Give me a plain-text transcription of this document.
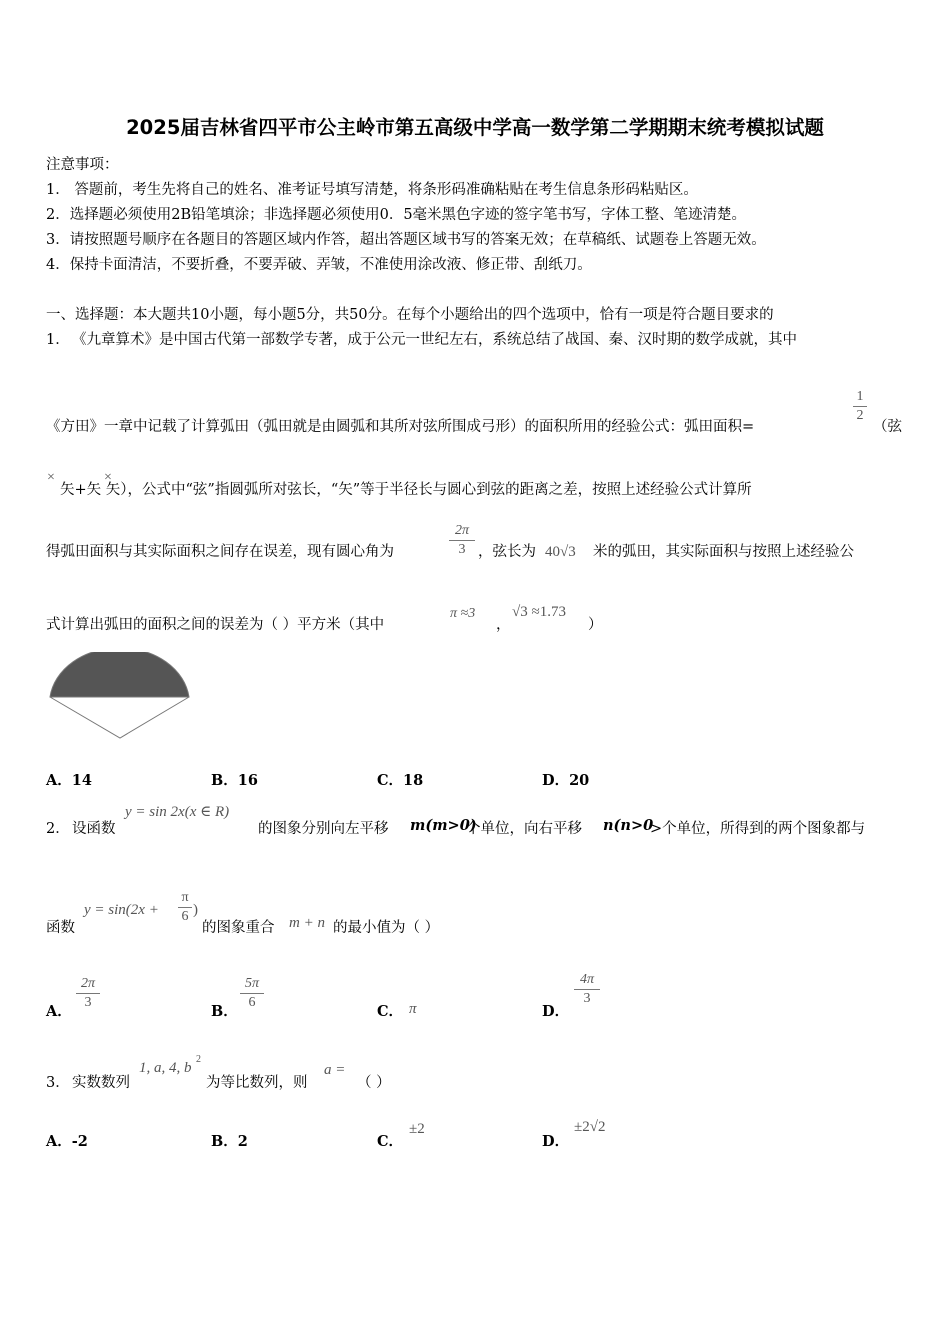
2025届吉林省四平市公主岭市第五高级中学高一数学第二学期期末统考模拟试题
注意事项：
1． 答题前，考生先将自己的姓名、准考证号填写清楚，将条形码准确粘贴在考生信息条形码粘贴区。
2．选择题必须使用2B铅笔填涂；非选择题必须使用0．5毫米黑色字迹的签字笔书写，字体工整、笔迹清楚。
3．请按照题号顺序在各题目的答题区域内作答，超出答题区域书写的答案无效；在草稿纸、试题卷上答题无效。
4．保持卡面清洁，不要折叠，不要弄破、弄皱，不准使用涂改液、修正带、刮纸刀。
一、选择题：本大题共10小题，每小题5分，共50分。在每个小题给出的四个选项中，恰有一项是符合题目要求的
1． 《九章算术》是中国古代第一部数学专著，成于公元一世纪左右，系统总结了战国、秦、汉时期的数学成就，其中
《方田》一章中记载了计算弧田（弧田就是由圆弧和其所对弦所围成弓形）的面积所用的经验公式：弧田面积=
1
2
（弦
×	×
矢+矢 矢），公式中“弦”指圆弧所对弦长，“矢”等于半径长与圆心到弦的距离之差，按照上述经验公式计算所
得弧田面积与其实际面积之间存在误差，现有圆心角为
2π
3 ，弦长为 40√3 米的弧田，其实际面积与按照上述经验公
式计算出弧田的面积之间的误差为（ ）平方米（其中
π ≈3
，
√3 ≈1.73
）
A．14	B．16	C．18	D．20
2． 设函数
y = sin 2x(x ∈ R)
的图象分别向左平移 m(m>0)
个单位，向右平移 n(n>0
>个单位，所得到的两个图象都与
函数
y = sin(2x +
π
6 )
的图象重合 m + n 的最小值为（ ）
A．
2π
3
B．
5π
6
C． π	D．
4π
3
3． 实数数列
1, a, 4, b
2
为等比数列，则
a =
（ ）
A．-2	B．2	C．
±2
D．
±2√2
